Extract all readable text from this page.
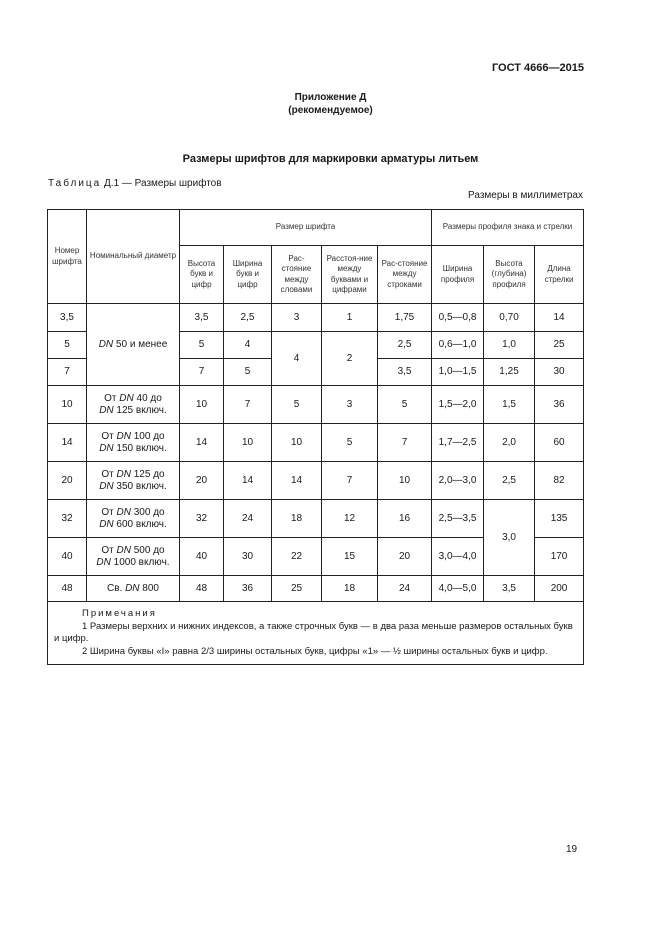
ГОСТ 4666—2015
Приложение Д
(рекомендуемое)
Размеры шрифтов для маркировки арматуры литьем
Таблица Д.1 — Размеры шрифтов
Размеры в миллиметрах
Номер шрифта	Номинальный диаметр	Размер шрифта					Размеры профиля знака и стрелки		
		Высота букв и цифр	Ширина букв и цифр	Рас-стояние между словами	Расстоя-ние между буквами и цифрами	Рас-стояние между строками	Ширина профиля	Высота (глубина) профиля	Длина стрелки
3,5	DN 50 и менее	3,5	2,5	3	1	1,75	0,5—0,8	0,70	14
5		5	4	4	2	2,5	0,6—1,0	1,0	25
7		7	5			3,5	1,0—1,5	1,25	30
10	От DN 40 до
DN 125 включ.	10	7	5	3	5	1,5—2,0	1,5	36
14	От DN 100 до
DN 150 включ.	14	10	10	5	7	1,7—2,5	2,0	60
20	От DN 125 до
DN 350 включ.	20	14	14	7	10	2,0—3,0	2,5	82
32	От DN 300 до
DN 600 включ.	32	24	18	12	16	2,5—3,5	3,0	135
40	От DN 500 до
DN 1000 включ.	40	30	22	15	20	3,0—4,0		170
48	Св. DN 800	48	36	25	18	24	4,0—5,0	3,5	200

Примечания
1 Размеры верхних и нижних индексов, а также строчных букв — в два раза меньше размеров остальных букв и цифр.
2 Ширина буквы «I» равна 2/3 ширины остальных букв, цифры «1» — ½ ширины остальных букв и цифр.									
19
